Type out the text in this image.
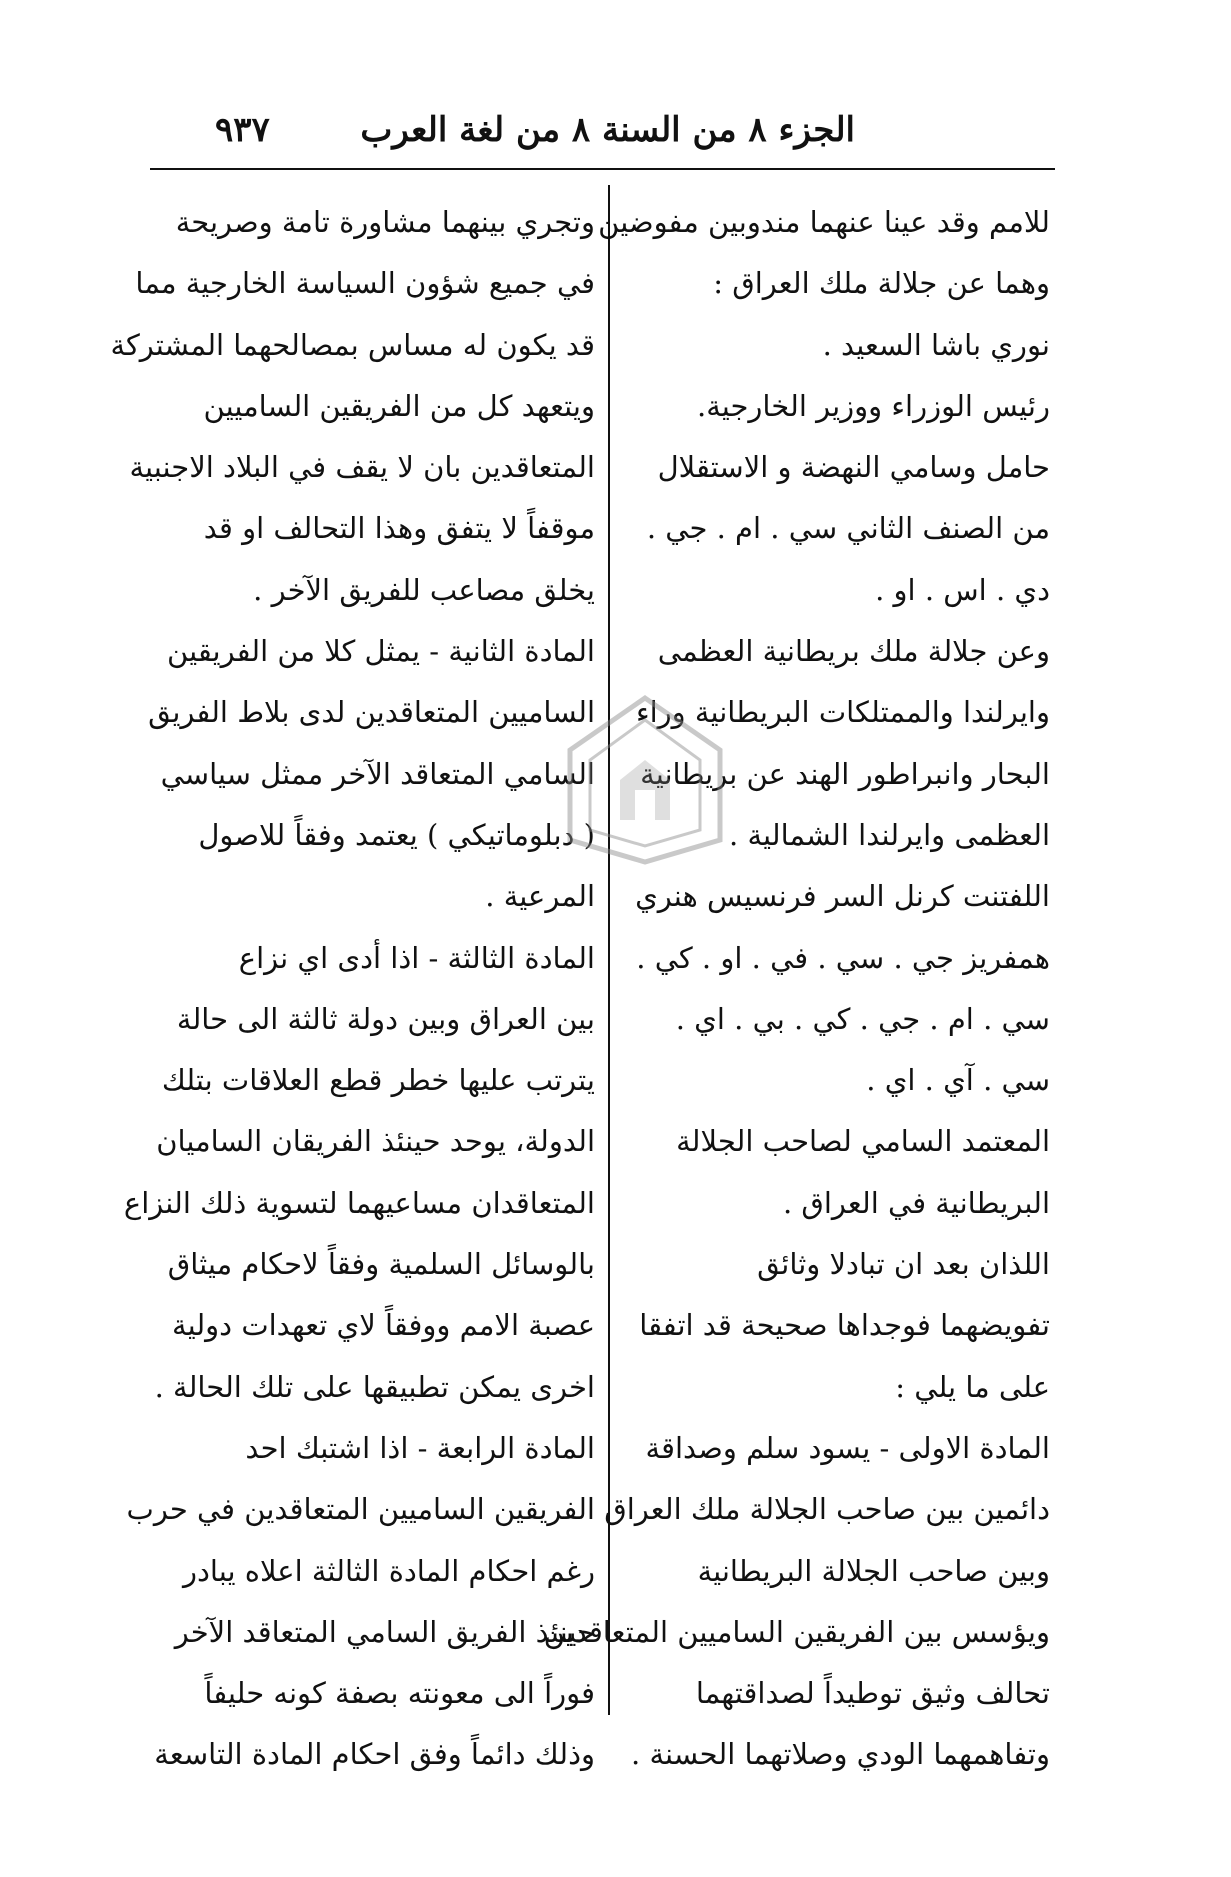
الجزء ٨ من السنة ٨ من لغة العرب
٩٣٧
للامم وقد عينا عنهما مندوبين مفوضين
وهما عن جلالة ملك العراق :
نوري باشا السعيد .
رئيس الوزراء ووزير الخارجية.
حامل وسامي النهضة و الاستقلال
من الصنف الثاني سي . ام . جي .
دي . اس . او .
وعن جلالة ملك بريطانية العظمى
وايرلندا والممتلكات البريطانية وراء
البحار وانبراطور الهند عن بريطانية
العظمى وايرلندا الشمالية .
اللفتنت كرنل السر فرنسيس هنري
همفريز جي . سي . في . او . كي .
سي . ام . جي . كي . بي . اي .
سي . آي . اي .
المعتمد السامي لصاحب الجلالة
البريطانية في العراق .
اللذان بعد ان تبادلا وثائق
تفويضهما فوجداها صحيحة قد اتفقا
على ما يلي :
المادة الاولى - يسود سلم وصداقة
دائمين بين صاحب الجلالة ملك العراق
وبين صاحب الجلالة البريطانية
ويؤسس بين الفريقين الساميين المتعاقدين
تحالف وثيق توطيداً لصداقتهما
وتفاهمهما الودي وصلاتهما الحسنة .
وتجري بينهما مشاورة تامة وصريحة
في جميع شؤون السياسة الخارجية مما
قد يكون له مساس بمصالحهما المشتركة
ويتعهد كل من الفريقين الساميين
المتعاقدين بان لا يقف في البلاد الاجنبية
موقفاً لا يتفق وهذا التحالف او قد
يخلق مصاعب للفريق الآخر .
المادة الثانية - يمثل كلا من الفريقين
الساميين المتعاقدين لدى بلاط الفريق
السامي المتعاقد الآخر ممثل سياسي
( دبلوماتيكي ) يعتمد وفقاً للاصول
المرعية .
المادة الثالثة - اذا أدى اي نزاع
بين العراق وبين دولة ثالثة الى حالة
يترتب عليها خطر قطع العلاقات بتلك
الدولة، يوحد حينئذ الفريقان الساميان
المتعاقدان مساعيهما لتسوية ذلك النزاع
بالوسائل السلمية وفقاً لاحكام ميثاق
عصبة الامم ووفقاً لاي تعهدات دولية
اخرى يمكن تطبيقها على تلك الحالة .
المادة الرابعة - اذا اشتبك احد
الفريقين الساميين المتعاقدين في حرب
رغم احكام المادة الثالثة اعلاه يبادر
حينئذ الفريق السامي المتعاقد الآخر
فوراً الى معونته بصفة كونه حليفاً
وذلك دائماً وفق احكام المادة التاسعة
